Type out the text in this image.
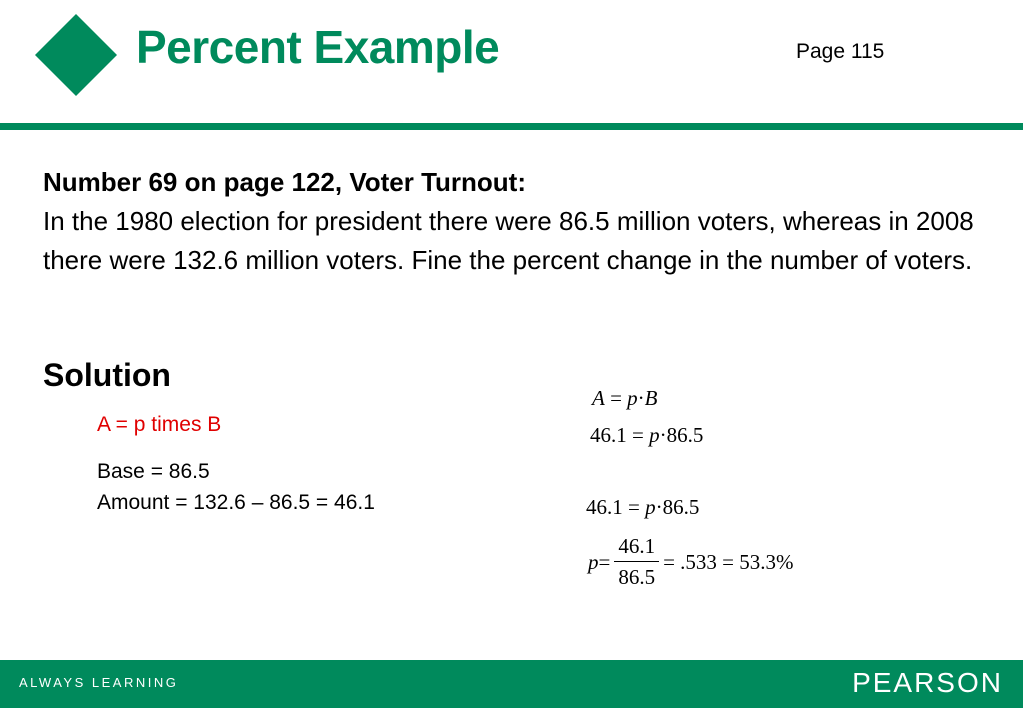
Percent Example	Page 115
Number 69 on page 122, Voter Turnout:
In the 1980 election for president there were 86.5 million voters, whereas in 2008 there were 132.6 million voters. Fine the percent change in the number of voters.
Solution
A = p times B
Base = 86.5
Amount = 132.6 – 86.5 = 46.1
A = p·B
46.1 = p·86.5
46.1 = p·86.5
$p = \frac{46.1}{86.5} = .533 = 53.3\%$
ALWAYS LEARNING	PEARSON
